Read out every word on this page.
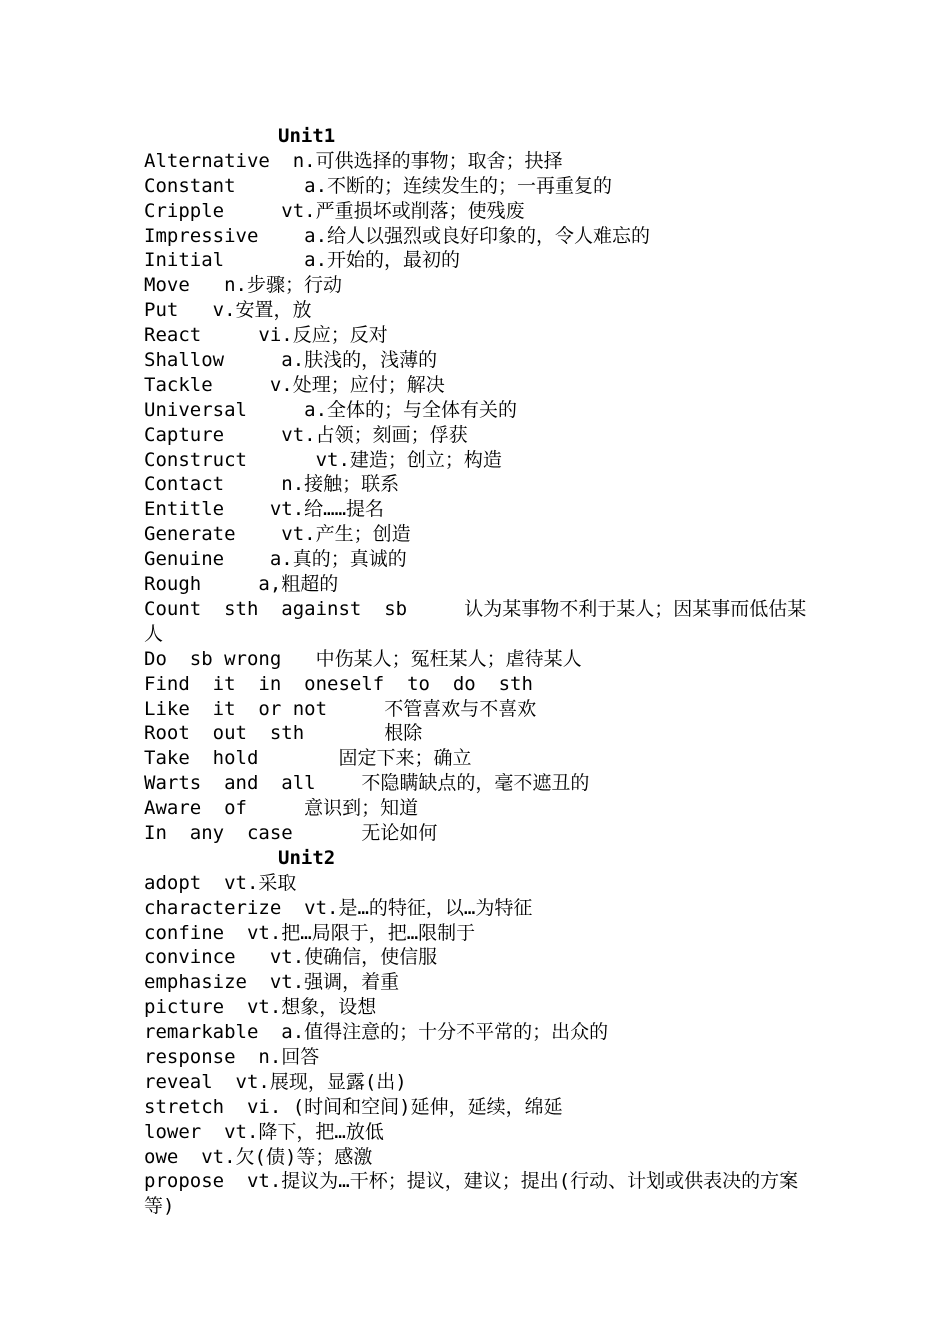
Unit1
Alternative  n.可供选择的事物；取舍；抉择
Constant      a.不断的；连续发生的；一再重复的
Cripple     vt.严重损坏或削落；使残废
Impressive    a.给人以强烈或良好印象的，令人难忘的
Initial       a.开始的，最初的
Move   n.步骤；行动
Put   v.安置，放
React     vi.反应；反对
Shallow     a.肤浅的，浅薄的
Tackle     v.处理；应付；解决
Universal     a.全体的；与全体有关的
Capture     vt.占领；刻画；俘获
Construct      vt.建造；创立；构造
Contact     n.接触；联系
Entitle    vt.给……提名
Generate    vt.产生；创造
Genuine    a.真的；真诚的
Rough     a,粗超的
Count  sth  against  sb     认为某事物不利于某人；因某事而低估某人
Do  sb wrong   中伤某人；冤枉某人；虐待某人
Find  it  in  oneself  to  do  sth
Like  it  or not     不管喜欢与不喜欢
Root  out  sth       根除
Take  hold       固定下来；确立
Warts  and  all    不隐瞒缺点的，毫不遮丑的
Aware  of     意识到；知道
In  any  case      无论如何
Unit2
adopt  vt.采取
characterize  vt.是…的特征，以…为特征
confine  vt.把…局限于，把…限制于
convince   vt.使确信，使信服
emphasize  vt.强调，着重
picture  vt.想象，设想
remarkable  a.值得注意的；十分不平常的；出众的
response  n.回答
reveal  vt.展现，显露(出)
stretch  vi. (时间和空间)延伸，延续，绵延
lower  vt.降下，把…放低
owe  vt.欠(债)等；感激
propose  vt.提议为…干杯；提议，建议；提出(行动、计划或供表决的方案等)
